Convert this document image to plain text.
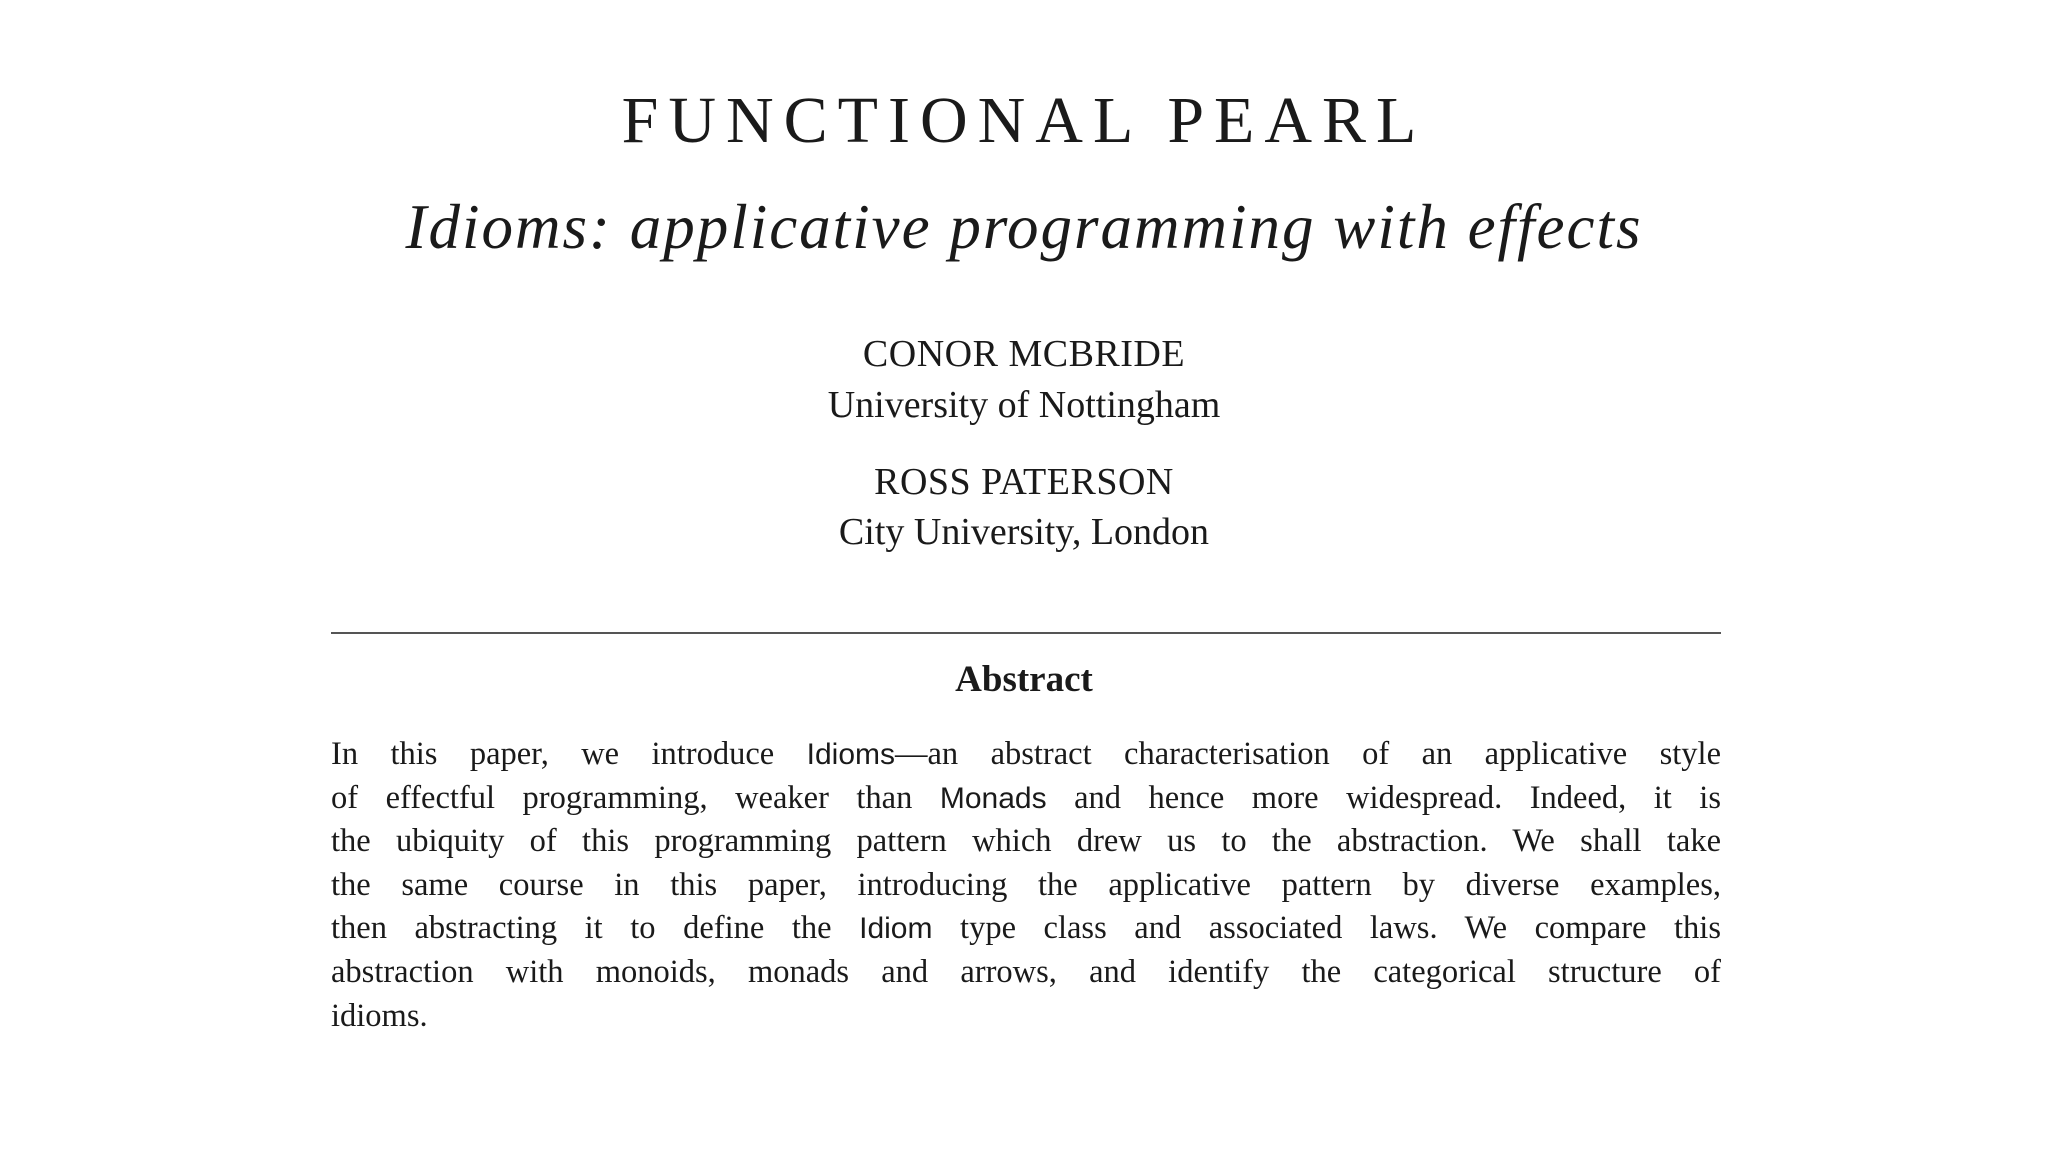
FUNCTIONAL PEARL
Idioms: applicative programming with effects
CONOR MCBRIDE
University of Nottingham
ROSS PATERSON
City University, London
Abstract
In this paper, we introduce Idioms—an abstract characterisation of an applicative style
of effectful programming, weaker than Monads and hence more widespread. Indeed, it is
the ubiquity of this programming pattern which drew us to the abstraction. We shall take
the same course in this paper, introducing the applicative pattern by diverse examples,
then abstracting it to define the Idiom type class and associated laws. We compare this
abstraction with monoids, monads and arrows, and identify the categorical structure of
idioms.
